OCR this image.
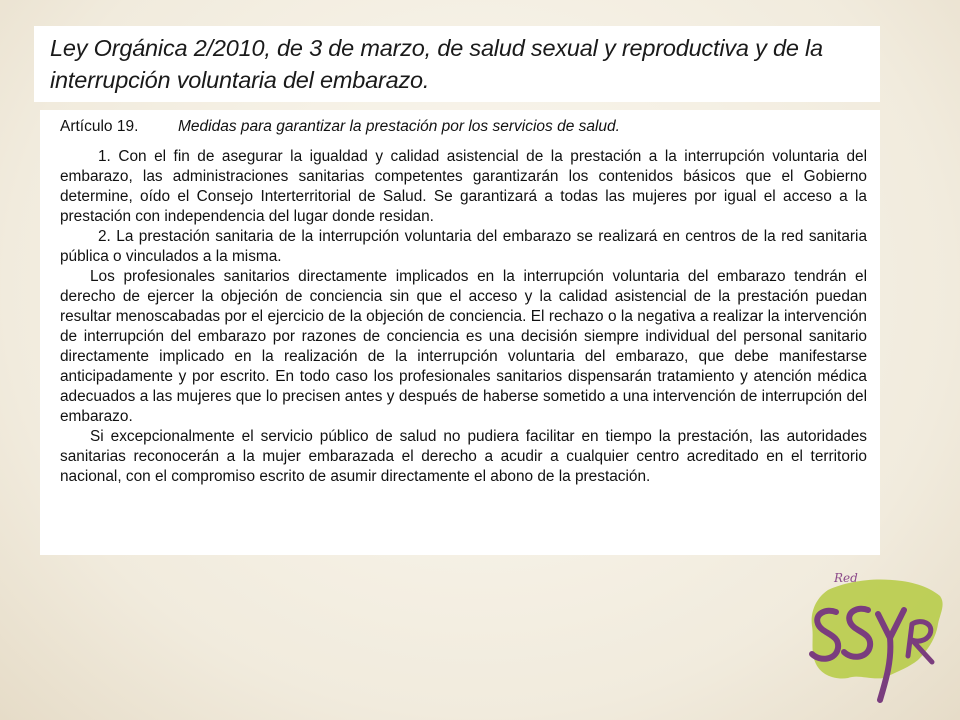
Ley Orgánica 2/2010, de 3 de marzo, de salud sexual y reproductiva y de la interrupción voluntaria del embarazo.
Artículo 19.	Medidas para garantizar la prestación por los servicios de salud.

1. Con el fin de asegurar la igualdad y calidad asistencial de la prestación a la interrupción voluntaria del embarazo, las administraciones sanitarias competentes garantizarán los contenidos básicos que el Gobierno determine, oído el Consejo Interterritorial de Salud. Se garantizará a todas las mujeres por igual el acceso a la prestación con independencia del lugar donde residan.

2. La prestación sanitaria de la interrupción voluntaria del embarazo se realizará en centros de la red sanitaria pública o vinculados a la misma.

Los profesionales sanitarios directamente implicados en la interrupción voluntaria del embarazo tendrán el derecho de ejercer la objeción de conciencia sin que el acceso y la calidad asistencial de la prestación puedan resultar menoscabadas por el ejercicio de la objeción de conciencia. El rechazo o la negativa a realizar la intervención de interrupción del embarazo por razones de conciencia es una decisión siempre individual del personal sanitario directamente implicado en la realización de la interrupción voluntaria del embarazo, que debe manifestarse anticipadamente y por escrito. En todo caso los profesionales sanitarios dispensarán tratamiento y atención médica adecuados a las mujeres que lo precisen antes y después de haberse sometido a una intervención de interrupción del embarazo.

Si excepcionalmente el servicio público de salud no pudiera facilitar en tiempo la prestación, las autoridades sanitarias reconocerán a la mujer embarazada el derecho a acudir a cualquier centro acreditado en el territorio nacional, con el compromiso escrito de asumir directamente el abono de la prestación.

Red
